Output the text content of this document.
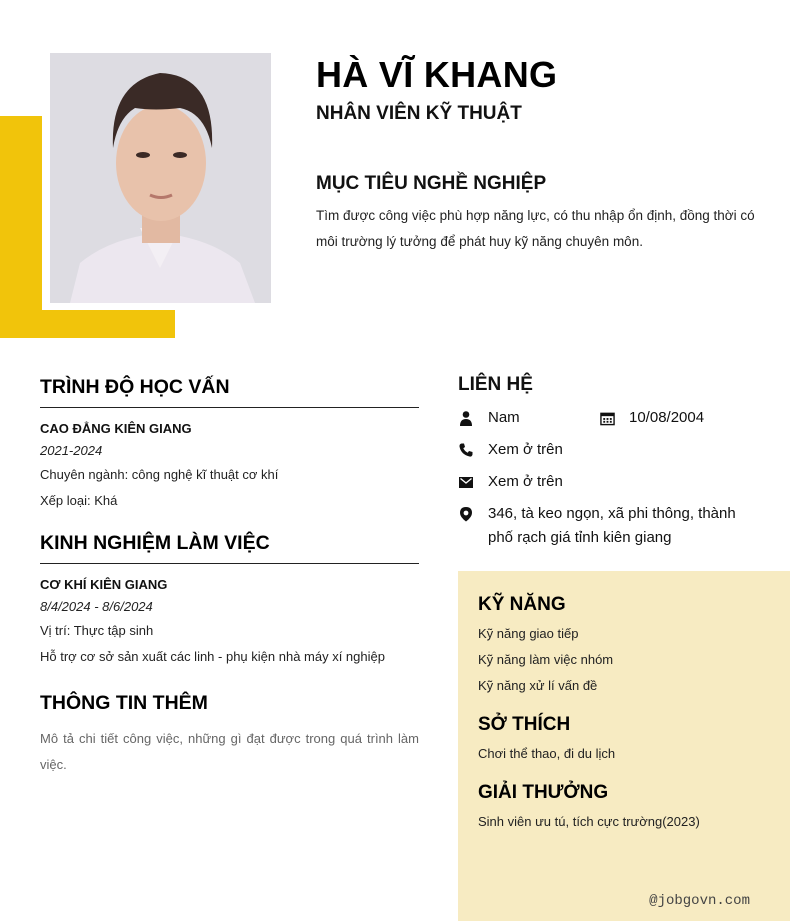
HÀ VĨ KHANG
NHÂN VIÊN KỸ THUẬT
MỤC TIÊU NGHỀ NGHIỆP
Tìm được công việc phù hợp năng lực, có thu nhập ổn định, đồng thời có môi trường lý tưởng để phát huy kỹ năng chuyên môn.
TRÌNH ĐỘ HỌC VẤN
CAO ĐẲNG KIÊN GIANG
2021-2024
Chuyên ngành: công nghệ kĩ thuật cơ khí
Xếp loại: Khá
KINH NGHIỆM LÀM VIỆC
CƠ KHÍ KIÊN GIANG
8/4/2024 - 8/6/2024
Vị trí: Thực tập sinh
Hỗ trợ cơ sở sản xuất các linh - phụ kiện nhà máy xí nghiệp
THÔNG TIN THÊM
Mô tả chi tiết công việc, những gì đạt được trong quá trình làm việc.
LIÊN HỆ
Nam	10/08/2004
Xem ở trên
Xem ở trên
346, tà keo ngọn, xã phi thông, thành phố rạch giá tỉnh kiên giang
KỸ NĂNG
Kỹ năng giao tiếp
Kỹ năng làm việc nhóm
Kỹ năng xử lí vấn đề
SỞ THÍCH
Chơi thể thao, đi du lịch
GIẢI THƯỞNG
Sinh viên ưu tú, tích cực trường(2023)
@jobgovn.com
